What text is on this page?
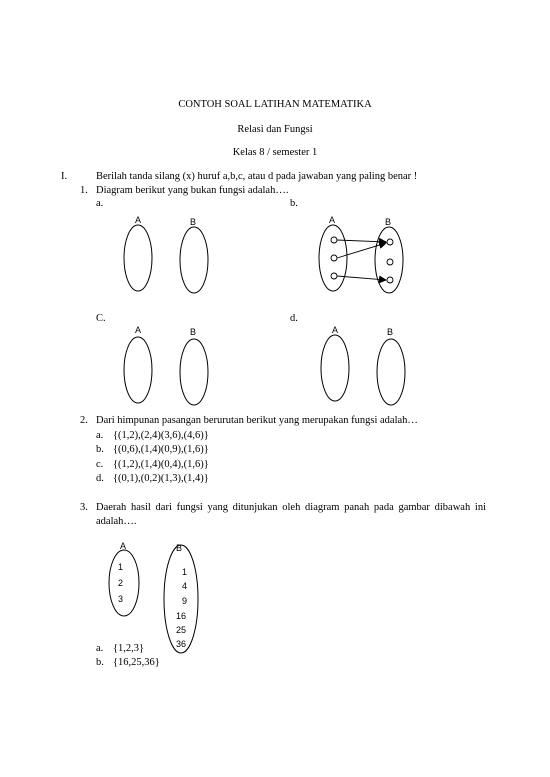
CONTOH SOAL LATIHAN MATEMATIKA
Relasi dan Fungsi
Kelas 8 / semester 1
I.	Berilah tanda silang (x) huruf a,b,c, atau d pada jawaban yang paling benar !
1. Diagram berikut yang bukan fungsi adalah….
a.	b.
C.	d.
A	B	A	B
A	B	A	B
2. Dari himpunan pasangan berurutan berikut yang merupakan fungsi adalah…
a. {(1,2),(2,4)(3,6),(4,6)}
b. {(0,6),(1,4)(0,9),(1,6)}
c. {(1,2),(1,4)(0,4),(1,6)}
d. {(0,1),(0,2)(1,3),(1,4)}
3. Daerah hasil dari fungsi yang ditunjukan oleh diagram panah pada gambar dibawah ini
adalah….
A	B
1
2
3
1
4
9
16
25
36
a. {1,2,3}
b. {16,25,36}
